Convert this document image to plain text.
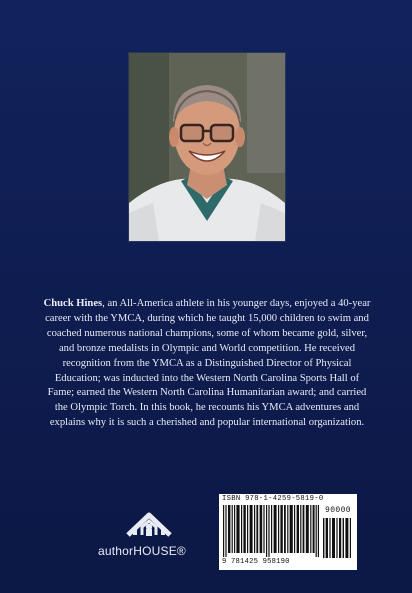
Chuck Hines, an All-America athlete in his younger days, enjoyed a 40-year career with the YMCA, during which he taught 15,000 children to swim and coached numerous national champions, some of whom became gold, silver, and bronze medalists in Olympic and World competition. He received recognition from the YMCA as a Distinguished Director of Physical Education; was inducted into the Western North Carolina Sports Hall of Fame; earned the Western North Carolina Humanitarian award; and carried the Olympic Torch. In this book, he recounts his YMCA adventures and explains why it is such a cherished and popular international organization.
authorHOUSE®
ISBN 978-1-4259-5819-0
90000
9 781425 958190
